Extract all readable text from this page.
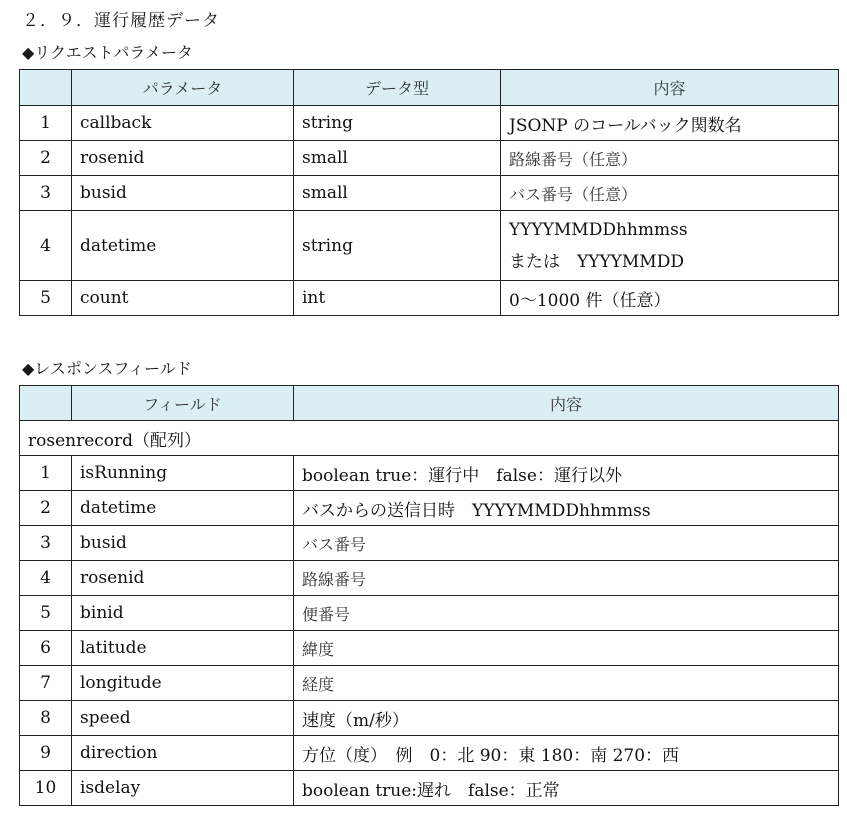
２．９．運行履歴データ
◆リクエストパラメータ
	パラメータ	データ型	内容
1	callback	string	JSONP のコールバック関数名
2	rosenid	small	路線番号（任意）
3	busid	small	バス番号（任意）
4	datetime	string	YYYYMMDDhhmmss
または　YYYYMMDD

5	count	int	0～1000 件（任意）
◆レスポンスフィールド
	フィールド	内容
rosenrecord（配列）		
1	isRunning	boolean true：運行中　false：運行以外
2	datetime	バスからの送信日時　YYYYMMDDhhmmss
3	busid	バス番号
4	rosenid	路線番号
5	binid	便番号
6	latitude	緯度
7	longitude	経度
8	speed	速度（m/秒）
9	direction	方位（度）　例　0：北 90：東 180：南 270：西
10	isdelay	boolean true:遅れ　false：正常
